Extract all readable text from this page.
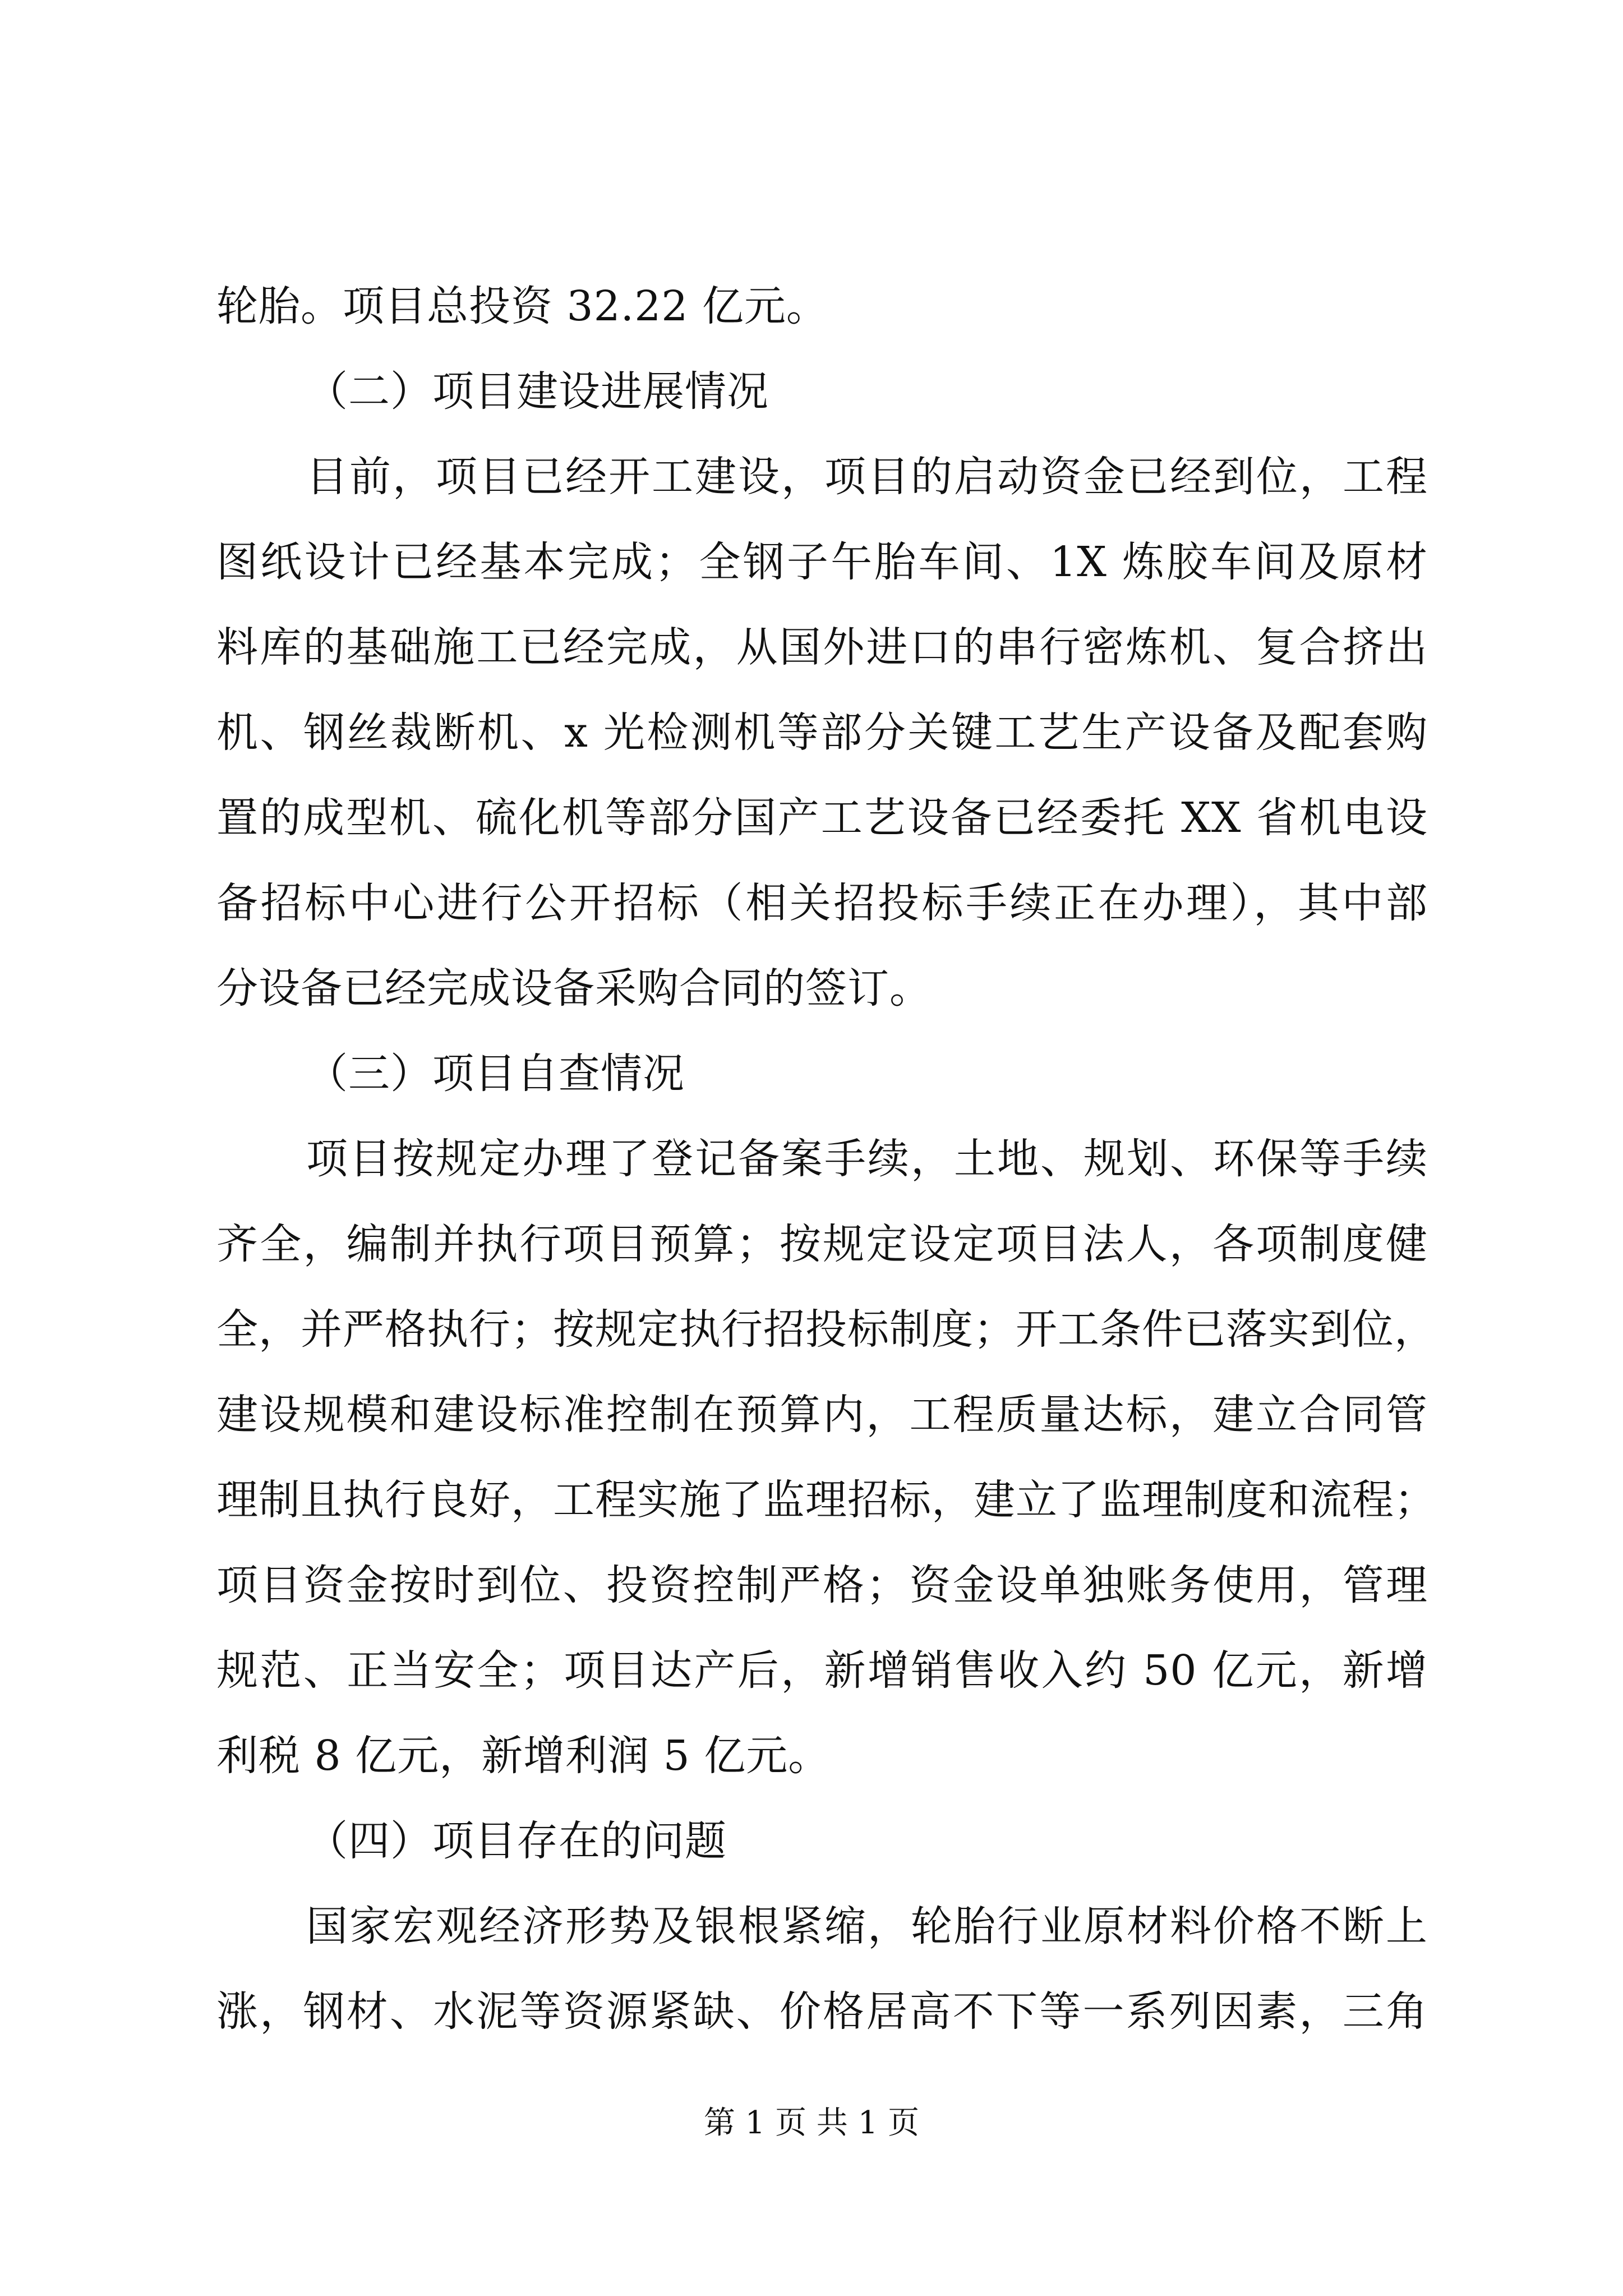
轮胎。项目总投资 32.22 亿元。
（二）项目建设进展情况
目前，项目已经开工建设，项目的启动资金已经到位，工程
图纸设计已经基本完成；全钢子午胎车间、1X 炼胶车间及原材
料库的基础施工已经完成，从国外进口的串行密炼机、复合挤出
机、钢丝裁断机、x 光检测机等部分关键工艺生产设备及配套购
置的成型机、硫化机等部分国产工艺设备已经委托 XX 省机电设
备招标中心进行公开招标（相关招投标手续正在办理），其中部
分设备已经完成设备采购合同的签订。
（三）项目自查情况
项目按规定办理了登记备案手续，土地、规划、环保等手续
齐全，编制并执行项目预算；按规定设定项目法人，各项制度健
全，并严格执行；按规定执行招投标制度；开工条件已落实到位，
建设规模和建设标准控制在预算内，工程质量达标，建立合同管
理制且执行良好，工程实施了监理招标，建立了监理制度和流程；
项目资金按时到位、投资控制严格；资金设单独账务使用，管理
规范、正当安全；项目达产后，新增销售收入约 50 亿元，新增
利税 8 亿元，新增利润 5 亿元。
（四）项目存在的问题
国家宏观经济形势及银根紧缩，轮胎行业原材料价格不断上
涨，钢材、水泥等资源紧缺、价格居高不下等一系列因素，三角
第 1 页 共 1 页
